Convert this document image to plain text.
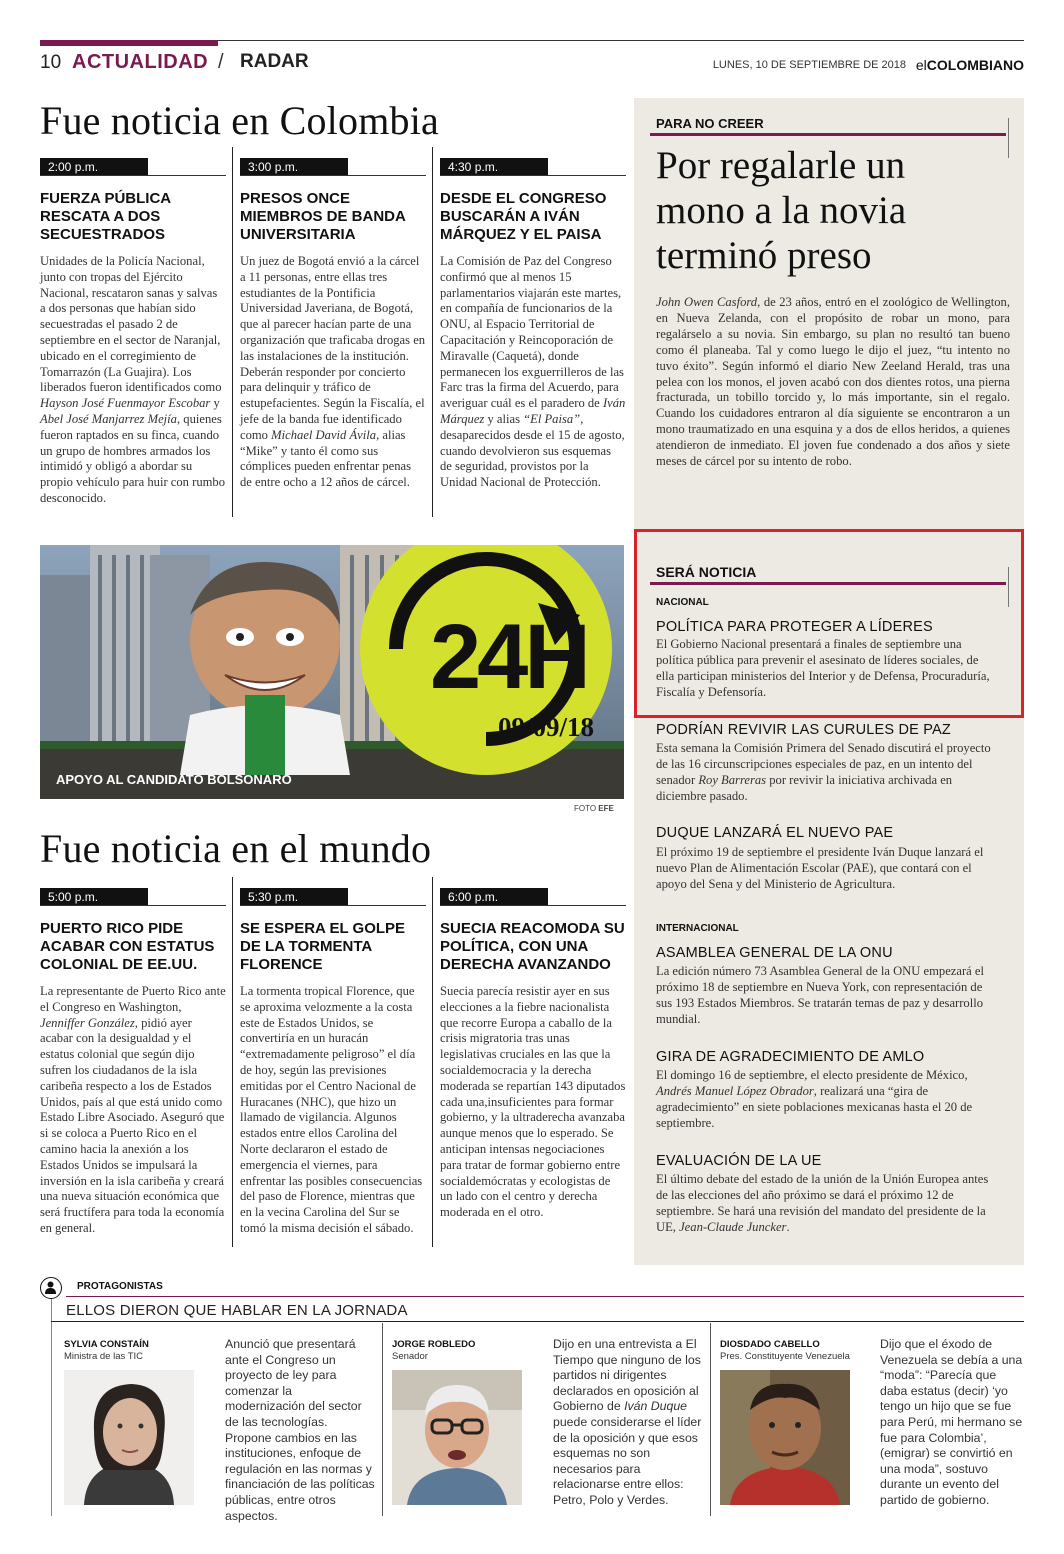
10 ACTUALIDAD / RADAR	LUNES, 10 DE SEPTIEMBRE DE 2018 elCOLOMBIANO
Fue noticia en Colombia
2:00 p.m.
FUERZA PÚBLICA RESCATA A DOS SECUESTRADOS
Unidades de la Policía Nacional, junto con tropas del Ejército Nacional, rescataron sanas y salvas a dos personas que habían sido secuestradas el pasado 2 de septiembre en el sector de Naranjal, ubicado en el corregimiento de Tomarrazón (La Guajira). Los liberados fueron identificados como Hayson José Fuenmayor Escobar y Abel José Manjarrez Mejía, quienes fueron raptados en su finca, cuando un grupo de hombres armados los intimidó y obligó a abordar su propio vehículo para huir con rumbo desconocido.
3:00 p.m.
PRESOS ONCE MIEMBROS DE BANDA UNIVERSITARIA
Un juez de Bogotá envió a la cárcel a 11 personas, entre ellas tres estudiantes de la Pontificia Universidad Javeriana, de Bogotá, que al parecer hacían parte de una organización que traficaba drogas en las instalaciones de la institución. Deberán responder por concierto para delinquir y tráfico de estupefacientes. Según la Fiscalía, el jefe de la banda fue identificado como Michael David Ávila, alias “Mike” y tanto él como sus cómplices pueden enfrentar penas de entre ocho a 12 años de cárcel.
4:30 p.m.
DESDE EL CONGRESO BUSCARÁN A IVÁN MÁRQUEZ Y EL PAISA
La Comisión de Paz del Congreso confirmó que al menos 15 parlamentarios viajarán este martes, en compañía de funcionarios de la ONU, al Espacio Territorial de Capacitación y Reincoporación de Miravalle (Caquetá), donde permanecen los exguerrilleros de las Farc tras la firma del Acuerdo, para averiguar cuál es el paradero de Iván Márquez y alias “El Paisa”, desaparecidos desde el 15 de agosto, cuando devolvieron sus esquemas de seguridad, provistos por la Unidad Nacional de Protección.
24H
09/09/18
APOYO AL CANDIDATO BOLSONARO
FOTO EFE
Fue noticia en el mundo
5:00 p.m.
PUERTO RICO PIDE ACABAR CON ESTATUS COLONIAL DE EE.UU.
La representante de Puerto Rico ante el Congreso en Washington, Jenniffer González, pidió ayer acabar con la desigualdad y el estatus colonial que según dijo sufren los ciudadanos de la isla caribeña respecto a los de Estados Unidos, país al que está unido como Estado Libre Asociado. Aseguró que si se coloca a Puerto Rico en el camino hacia la anexión a los Estados Unidos se impulsará la inversión en la isla caribeña y creará una nueva situación económica que será fructífera para toda la economía en general.
5:30 p.m.
SE ESPERA EL GOLPE DE LA TORMENTA FLORENCE
La tormenta tropical Florence, que se aproxima velozmente a la costa este de Estados Unidos, se convertiría en un huracán “extremadamente peligroso” el día de hoy, según las previsiones emitidas por el Centro Nacional de Huracanes (NHC), que hizo un llamado de vigilancia. Algunos estados entre ellos Carolina del Norte declararon el estado de emergencia el viernes, para enfrentar las posibles consecuencias del paso de Florence, mientras que en la vecina Carolina del Sur se tomó la misma decisión el sábado.
6:00 p.m.
SUECIA REACOMODA SU POLÍTICA, CON UNA DERECHA AVANZANDO
Suecia parecía resistir ayer en sus elecciones a la fiebre nacionalista que recorre Europa a caballo de la crisis migratoria tras unas legislativas cruciales en las que la socialdemocracia y la derecha moderada se repartían 143 diputados cada una,insuficientes para formar gobierno, y la ultraderecha avanzaba aunque menos que lo esperado. Se anticipan intensas negociaciones para tratar de formar gobierno entre socialdemócratas y ecologistas de un lado con el centro y derecha moderada en el otro.
PARA NO CREER
Por regalarle un mono a la novia terminó preso
John Owen Casford, de 23 años, entró en el zoológico de Wellington, en Nueva Zelanda, con el propósito de robar un mono, para regalárselo a su novia. Sin embargo, su plan no resultó tan bueno como él planeaba. Tal y como luego le dijo el juez, “tu intento no tuvo éxito”. Según informó el diario New Zeeland Herald, tras una pelea con los monos, el joven acabó con dos dientes rotos, una pierna fracturada, un tobillo torcido y, lo más importante, sin el regalo. Cuando los cuidadores entraron al día siguiente se encontraron a un mono traumatizado en una esquina y a dos de ellos heridos, a quienes atendieron de inmediato. El joven fue condenado a dos años y siete meses de cárcel por su intento de robo.
SERÁ NOTICIA
NACIONAL
POLÍTICA PARA PROTEGER A LÍDERES
El Gobierno Nacional presentará a finales de septiembre una política pública para prevenir el asesinato de líderes sociales, de ella participan ministerios del Interior y de Defensa, Procuraduría, Fiscalía y Defensoría.
PODRÍAN REVIVIR LAS CURULES DE PAZ
Esta semana la Comisión Primera del Senado discutirá el proyecto de las 16 circunscripciones especiales de paz, en un intento del senador Roy Barreras por revivir la iniciativa archivada en diciembre pasado.
DUQUE LANZARÁ EL NUEVO PAE
El próximo 19 de septiembre el presidente Iván Duque lanzará el nuevo Plan de Alimentación Escolar (PAE), que contará con el apoyo del Sena y del Ministerio de Agricultura.
INTERNACIONAL
ASAMBLEA GENERAL DE LA ONU
La edición número 73 Asamblea General de la ONU empezará el próximo 18 de septiembre en Nueva York, con representación de sus 193 Estados Miembros. Se tratarán temas de paz y desarrollo mundial.
GIRA DE AGRADECIMIENTO DE AMLO
El domingo 16 de septiembre, el electo presidente de México, Andrés Manuel López Obrador, realizará una “gira de agradecimiento” en siete poblaciones mexicanas hasta el 20 de septiembre.
EVALUACIÓN DE LA UE
El último debate del estado de la unión de la Unión Europea antes de las elecciones del año próximo se dará el próximo 12 de septiembre. Se hará una revisión del mandato del presidente de la UE, Jean-Claude Juncker.
PROTAGONISTAS
ELLOS DIERON QUE HABLAR EN LA JORNADA
SYLVIA CONSTAÍN
Ministra de las TIC
Anunció que presentará ante el Congreso un proyecto de ley para comenzar la modernización del sector de las tecnologías. Propone cambios en las instituciones, enfoque de regulación en las normas y financiación de las políticas públicas, entre otros aspectos.
JORGE ROBLEDO
Senador
Dijo en una entrevista a El Tiempo que ninguno de los partidos ni dirigentes declarados en oposición al Gobierno de Iván Duque puede considerarse el líder de la oposición y que esos esquemas no son necesarios para relacionarse entre ellos: Petro, Polo y Verdes.
DIOSDADO CABELLO
Pres. Constituyente Venezuela
Dijo que el éxodo de Venezuela se debía a una “moda”: “Parecía que daba estatus (decir) ‘yo tengo un hijo que se fue para Perú, mi hermano se fue para Colombia’, (emigrar) se convirtió en una moda”, sostuvo durante un evento del partido de gobierno.
